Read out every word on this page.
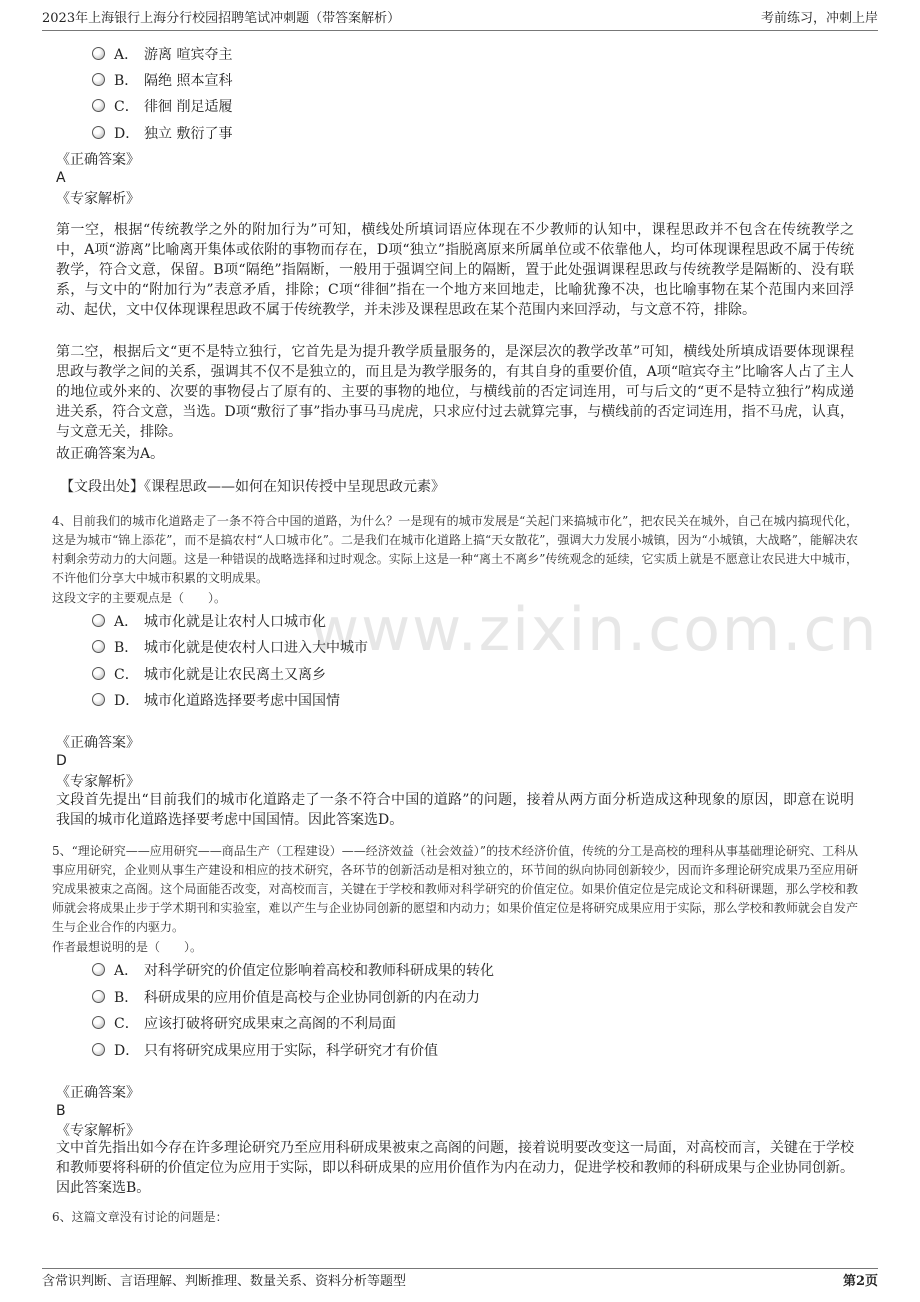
2023年上海银行上海分行校园招聘笔试冲刺题（带答案解析）	考前练习，冲刺上岸
www.zixin.com.cn
A． 游离 喧宾夺主
B． 隔绝 照本宣科
C． 徘徊 削足适履
D． 独立 敷衍了事
《正确答案》
A
《专家解析》
第一空，根据“传统教学之外的附加行为”可知，横线处所填词语应体现在不少教师的认知中，课程思政并不包含在传统教学之中，A项“游离”比喻离开集体或依附的事物而存在，D项“独立”指脱离原来所属单位或不依靠他人，均可体现课程思政不属于传统教学，符合文意，保留。B项“隔绝”指隔断，一般用于强调空间上的隔断，置于此处强调课程思政与传统教学是隔断的、没有联系，与文中的“附加行为”表意矛盾，排除；C项“徘徊”指在一个地方来回地走，比喻犹豫不决，也比喻事物在某个范围内来回浮动、起伏，文中仅体现课程思政不属于传统教学，并未涉及课程思政在某个范围内来回浮动，与文意不符，排除。
第二空，根据后文“更不是特立独行，它首先是为提升教学质量服务的，是深层次的教学改革”可知，横线处所填成语要体现课程思政与教学之间的关系，强调其不仅不是独立的，而且是为教学服务的，有其自身的重要价值，A项“喧宾夺主”比喻客人占了主人的地位或外来的、次要的事物侵占了原有的、主要的事物的地位，与横线前的否定词连用，可与后文的“更不是特立独行”构成递进关系，符合文意，当选。D项“敷衍了事”指办事马马虎虎，只求应付过去就算完事，与横线前的否定词连用，指不马虎，认真，与文意无关，排除。
故正确答案为A。
【文段出处】《课程思政——如何在知识传授中呈现思政元素》
4、目前我们的城市化道路走了一条不符合中国的道路，为什么？一是现有的城市发展是“关起门来搞城市化”，把农民关在城外，自己在城内搞现代化，这是为城市“锦上添花”，而不是搞农村“人口城市化”。二是我们在城市化道路上搞“天女散花”，强调大力发展小城镇，因为“小城镇，大战略”，能解决农村剩余劳动力的大问题。这是一种错误的战略选择和过时观念。实际上这是一种“离土不离乡”传统观念的延续，它实质上就是不愿意让农民进大中城市，不许他们分享大中城市积累的文明成果。
这段文字的主要观点是（　　）。
A． 城市化就是让农村人口城市化
B． 城市化就是使农村人口进入大中城市
C． 城市化就是让农民离土又离乡
D． 城市化道路选择要考虑中国国情
《正确答案》
D
《专家解析》
文段首先提出“目前我们的城市化道路走了一条不符合中国的道路”的问题，接着从两方面分析造成这种现象的原因，即意在说明我国的城市化道路选择要考虑中国国情。因此答案选D。
5、“理论研究——应用研究——商品生产（工程建设）——经济效益（社会效益）”的技术经济价值，传统的分工是高校的理科从事基础理论研究、工科从事应用研究，企业则从事生产建设和相应的技术研究，各环节的创新活动是相对独立的，环节间的纵向协同创新较少，因而许多理论研究成果乃至应用研究成果被束之高阁。这个局面能否改变，对高校而言，关键在于学校和教师对科学研究的价值定位。如果价值定位是完成论文和科研课题，那么学校和教师就会将成果止步于学术期刊和实验室，难以产生与企业协同创新的愿望和内动力；如果价值定位是将研究成果应用于实际，那么学校和教师就会自发产生与企业合作的内驱力。
作者最想说明的是（　　）。
A． 对科学研究的价值定位影响着高校和教师科研成果的转化
B． 科研成果的应用价值是高校与企业协同创新的内在动力
C． 应该打破将研究成果束之高阁的不利局面
D． 只有将研究成果应用于实际，科学研究才有价值
《正确答案》
B
《专家解析》
文中首先指出如今存在许多理论研究乃至应用科研成果被束之高阁的问题，接着说明要改变这一局面，对高校而言，关键在于学校和教师要将科研的价值定位为应用于实际，即以科研成果的应用价值作为内在动力，促进学校和教师的科研成果与企业协同创新。因此答案选B。
6、这篇文章没有讨论的问题是：
含常识判断、言语理解、判断推理、数量关系、资料分析等题型	第2页
